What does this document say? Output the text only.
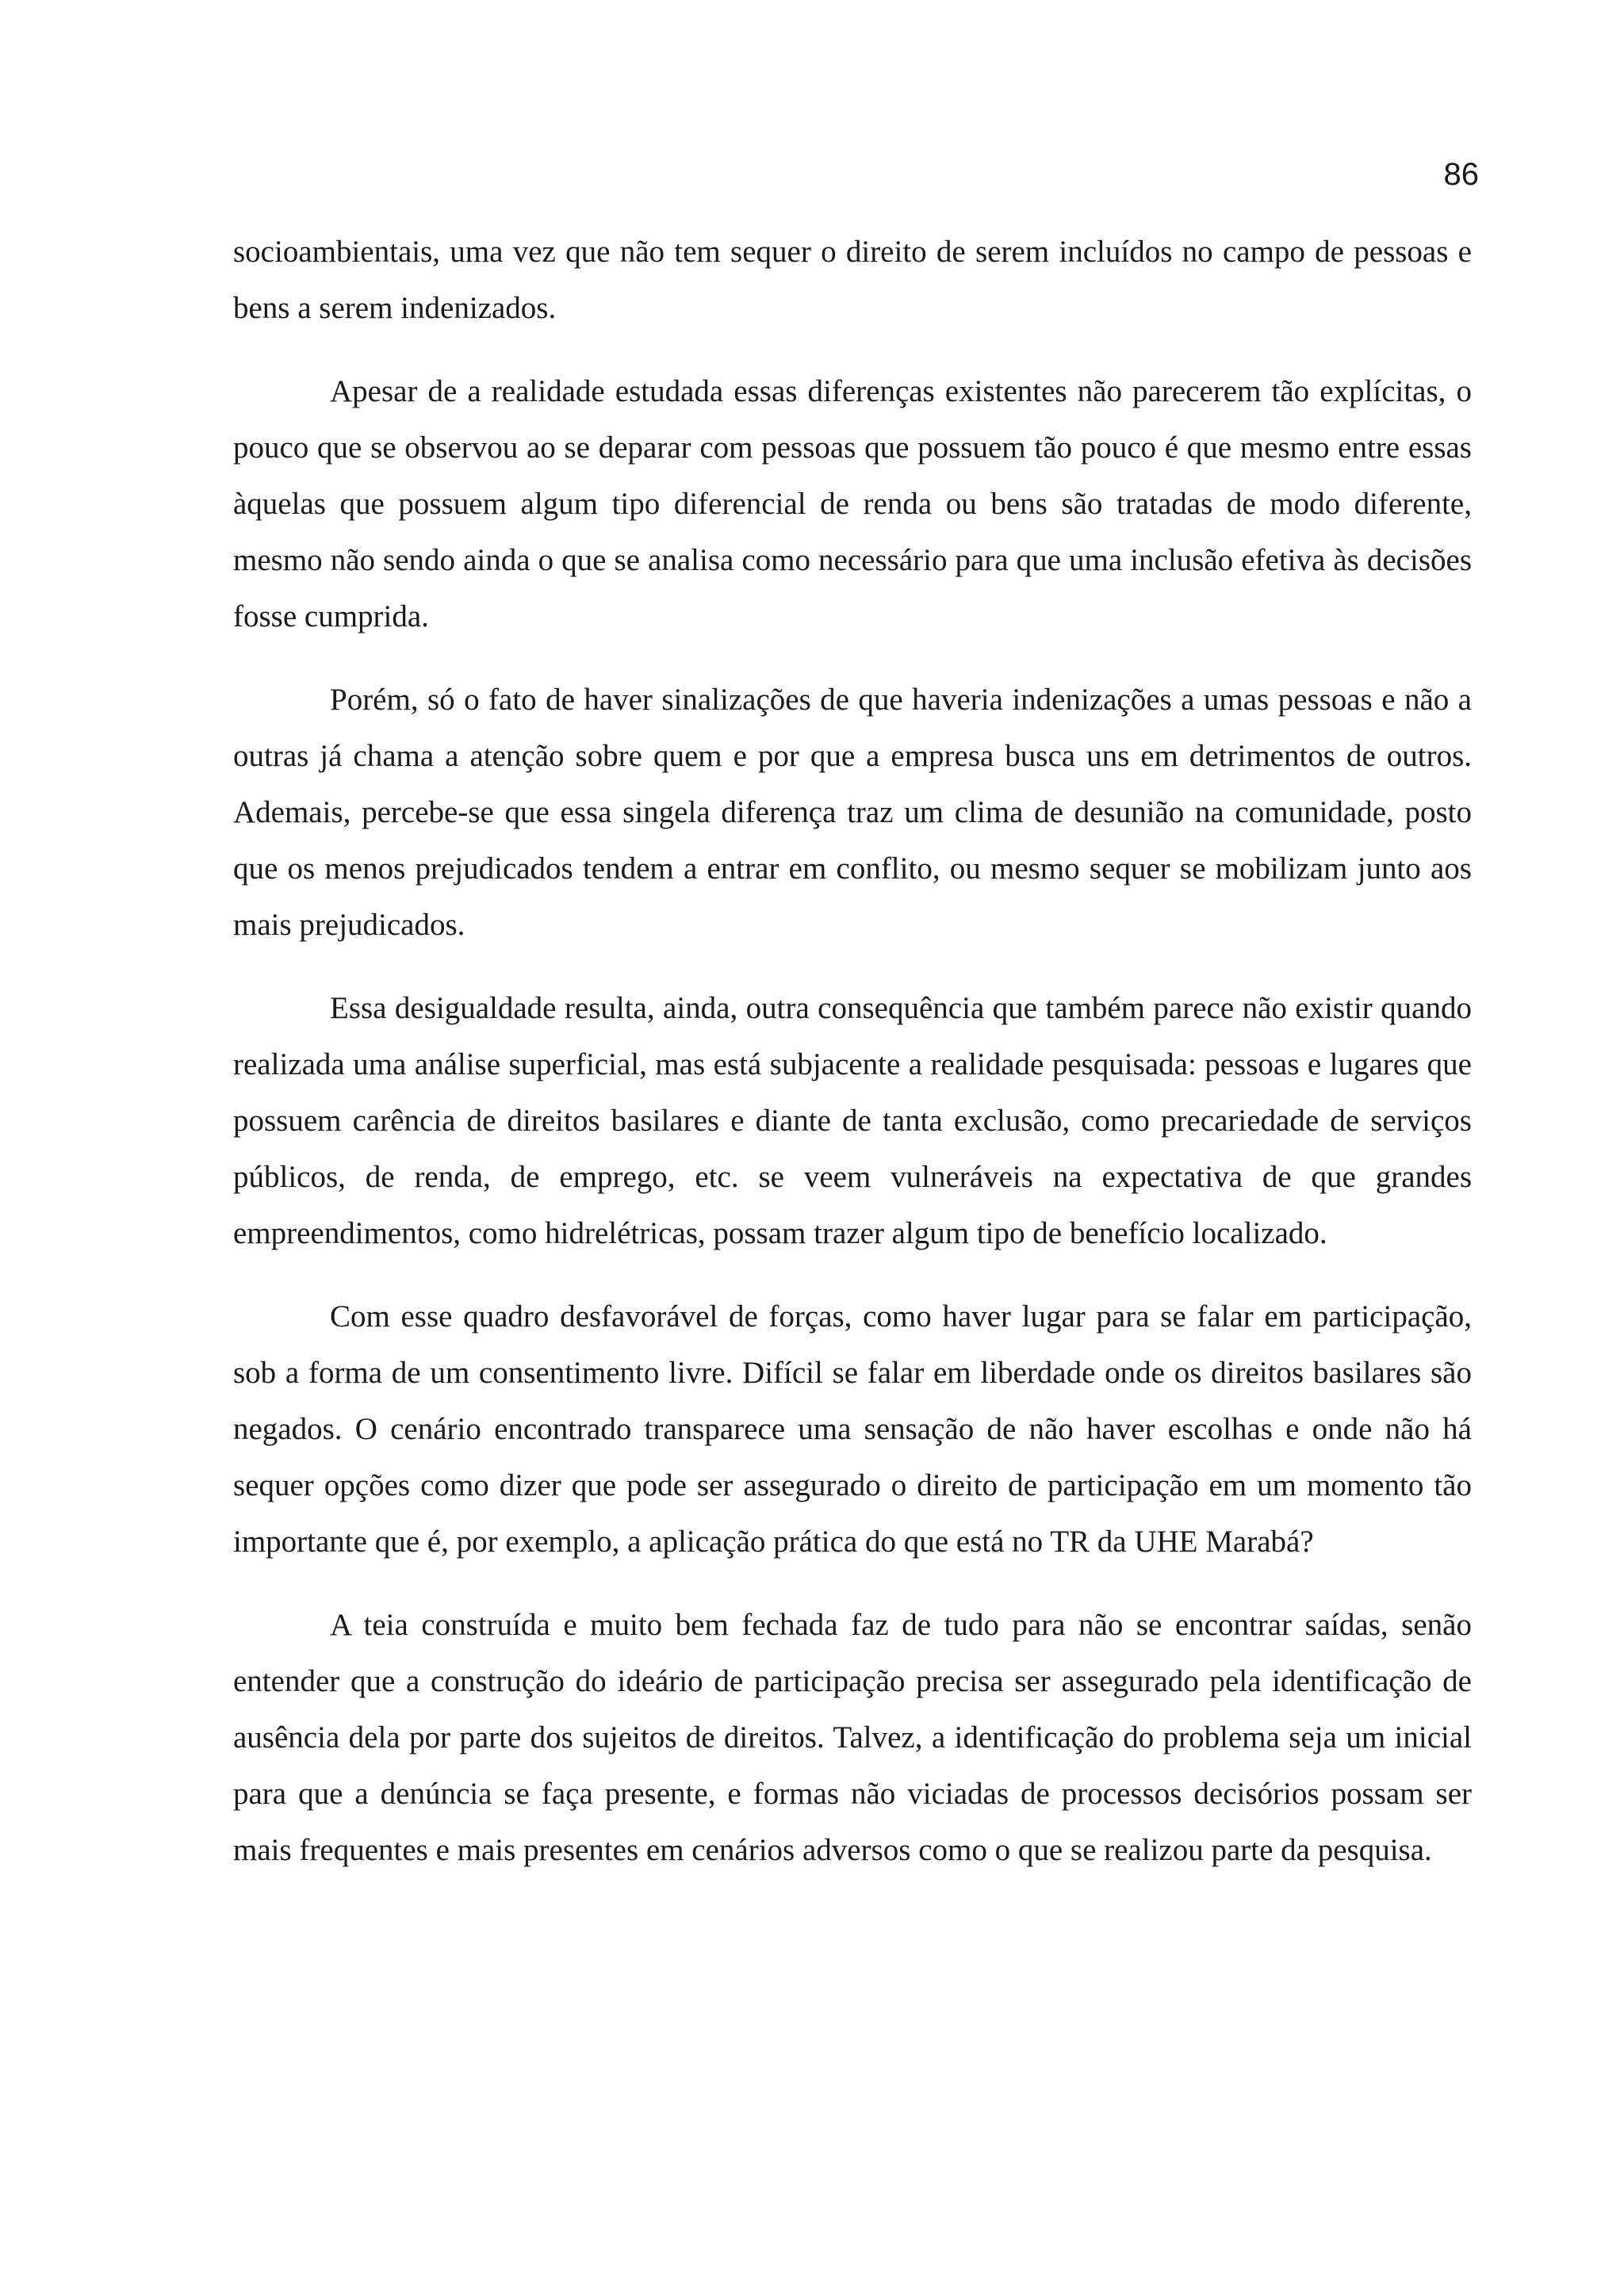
86

socioambientais, uma vez que não tem sequer o direito de serem incluídos no campo de pessoas e bens a serem indenizados.

Apesar de a realidade estudada essas diferenças existentes não parecerem tão explícitas, o pouco que se observou ao se deparar com pessoas que possuem tão pouco é que mesmo entre essas àquelas que possuem algum tipo diferencial de renda ou bens são tratadas de modo diferente, mesmo não sendo ainda o que se analisa como necessário para que uma inclusão efetiva às decisões fosse cumprida.

Porém, só o fato de haver sinalizações de que haveria indenizações a umas pessoas e não a outras já chama a atenção sobre quem e por que a empresa busca uns em detrimentos de outros. Ademais, percebe-se que essa singela diferença traz um clima de desunião na comunidade, posto que os menos prejudicados tendem a entrar em conflito, ou mesmo sequer se mobilizam junto aos mais prejudicados.

Essa desigualdade resulta, ainda, outra consequência que também parece não existir quando realizada uma análise superficial, mas está subjacente a realidade pesquisada: pessoas e lugares que possuem carência de direitos basilares e diante de tanta exclusão, como precariedade de serviços públicos, de renda, de emprego, etc. se veem vulneráveis na expectativa de que grandes empreendimentos, como hidrelétricas, possam trazer algum tipo de benefício localizado.

Com esse quadro desfavorável de forças, como haver lugar para se falar em participação, sob a forma de um consentimento livre. Difícil se falar em liberdade onde os direitos basilares são negados. O cenário encontrado transparece uma sensação de não haver escolhas e onde não há sequer opções como dizer que pode ser assegurado o direito de participação em um momento tão importante que é, por exemplo, a aplicação prática do que está no TR da UHE Marabá?

A teia construída e muito bem fechada faz de tudo para não se encontrar saídas, senão entender que a construção do ideário de participação precisa ser assegurado pela identificação de ausência dela por parte dos sujeitos de direitos. Talvez, a identificação do problema seja um inicial para que a denúncia se faça presente, e formas não viciadas de processos decisórios possam ser mais frequentes e mais presentes em cenários adversos como o que se realizou parte da pesquisa.
